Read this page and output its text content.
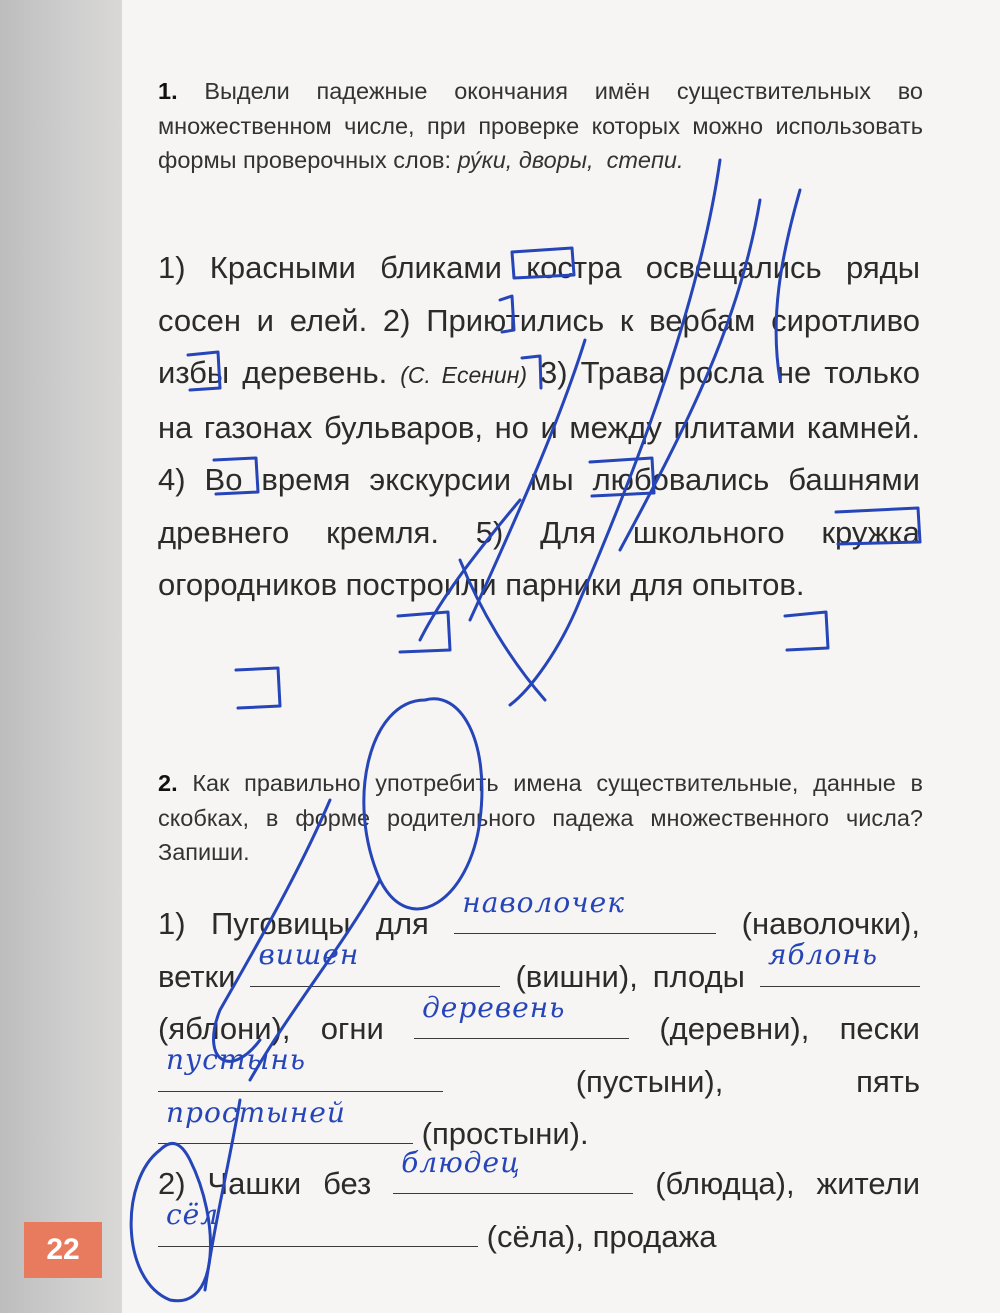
22
1. Выдели падежные окончания имён существительных во множественном числе, при проверке которых можно использовать формы проверочных слов: ру́ки, дворы, степи.
1) Красными бликами костра освещались ряды сосен и елей. 2) Приютились к вербам сиротливо избы деревень. (С. Есенин) 3) Трава росла не только на газонах бульваров, но и между плитами камней. 4) Во время экскурсии мы любовались башнями древнего кремля. 5) Для школьного кружка огородников построили парники для опытов.
2. Как правильно употребить имена существительные, данные в скобках, в форме родительного падежа множественного числа? Запиши.
1) Пуговицы для
наволочек
(наволочки), ветки
вишен
(вишни), плоды
яблонь
(яблони), огни
деревень
(деревни), пески
пустынь
(пустыни), пять
простыней
(простыни).
2) Чашки без
блюдец
(блюдца), жители
сёл
(сёла), продажа
